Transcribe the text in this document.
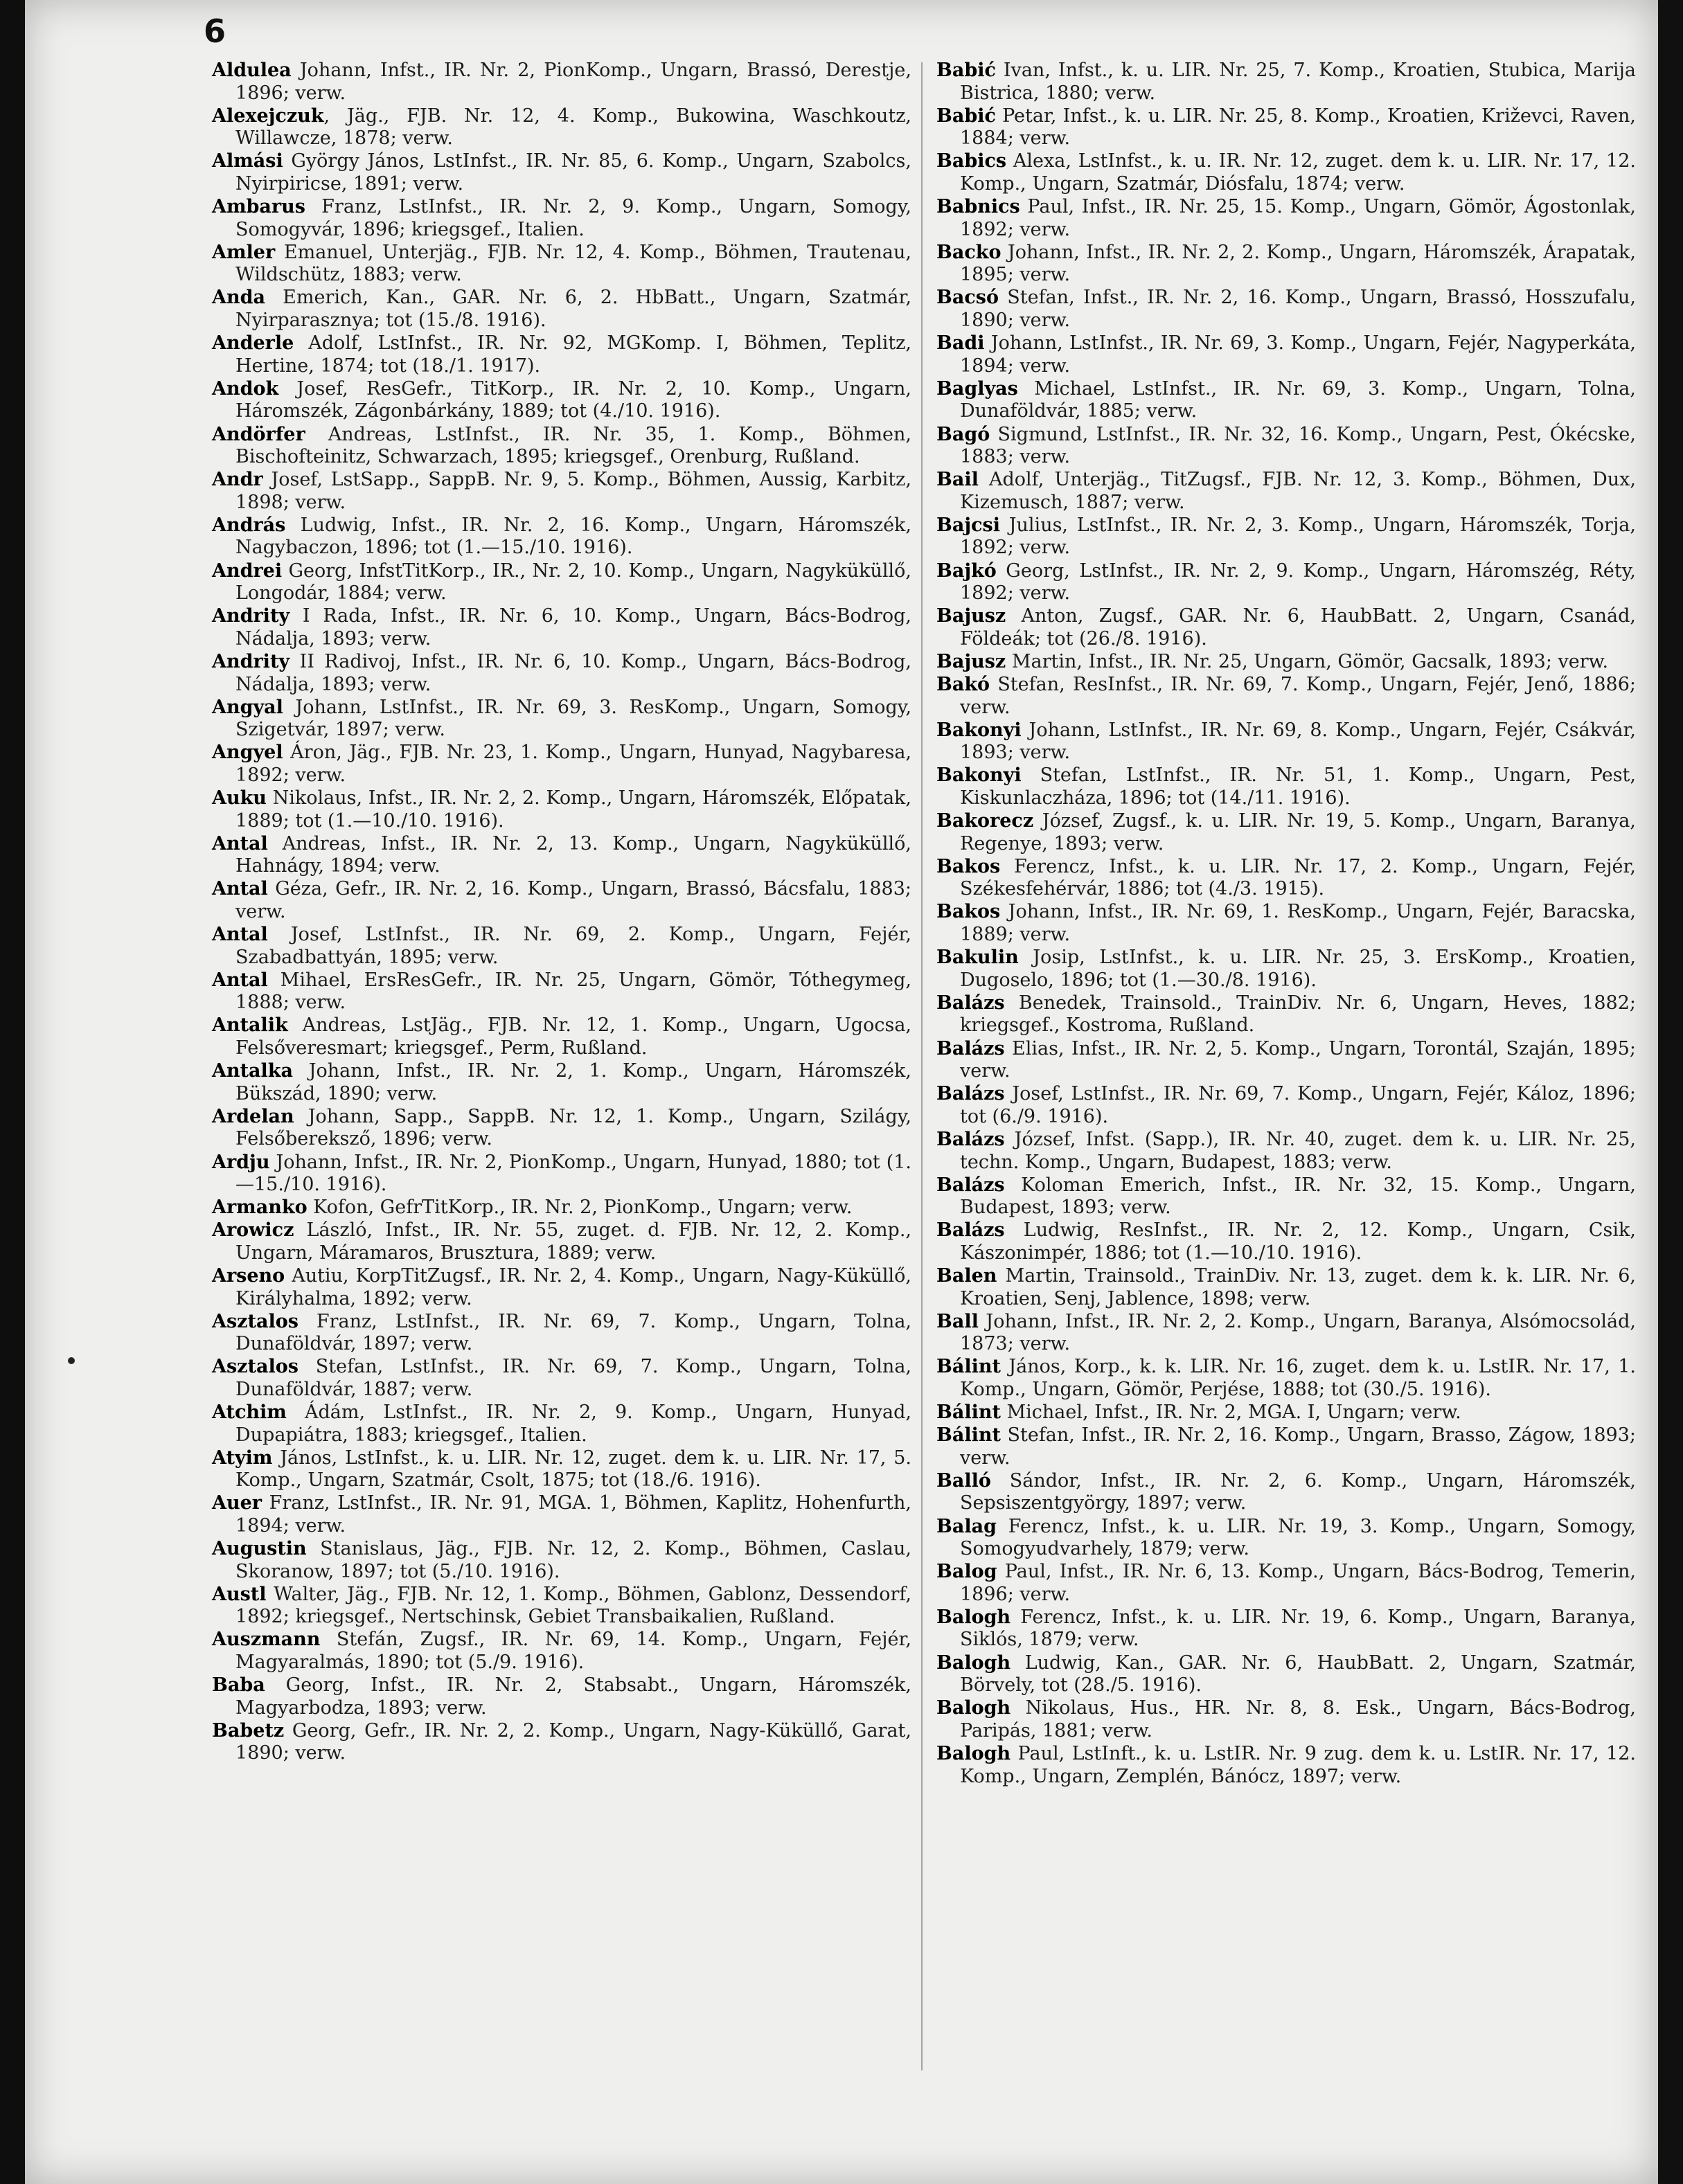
6

Aldulea Johann, Infst., IR. Nr. 2, PionKomp., Ungarn, Brassó, Derestje, 1896; verw.

Alexejczuk, Jäg., FJB. Nr. 12, 4. Komp., Bukowina, Waschkoutz, Willawcze, 1878; verw.

Almási György János, LstInfst., IR. Nr. 85, 6. Komp., Ungarn, Szabolcs, Nyirpiricse, 1891; verw.

Ambarus Franz, LstInfst., IR. Nr. 2, 9. Komp., Ungarn, Somogy, Somogyvár, 1896; kriegsgef., Italien.

Amler Emanuel, Unterjäg., FJB. Nr. 12, 4. Komp., Böhmen, Trautenau, Wildschütz, 1883; verw.

Anda Emerich, Kan., GAR. Nr. 6, 2. HbBatt., Ungarn, Szatmár, Nyirparasznya; tot (15./8. 1916).

Anderle Adolf, LstInfst., IR. Nr. 92, MGKomp. I, Böhmen, Teplitz, Hertine, 1874; tot (18./1. 1917).

Andok Josef, ResGefr., TitKorp., IR. Nr. 2, 10. Komp., Ungarn, Háromszék, Zágonbárkány, 1889; tot (4./10. 1916).

Andörfer Andreas, LstInfst., IR. Nr. 35, 1. Komp., Böhmen, Bischofteinitz, Schwarzach, 1895; kriegsgef., Orenburg, Rußland.

Andr Josef, LstSapp., SappB. Nr. 9, 5. Komp., Böhmen, Aussig, Karbitz, 1898; verw.

András Ludwig, Infst., IR. Nr. 2, 16. Komp., Ungarn, Háromszék, Nagybaczon, 1896; tot (1.—15./10. 1916).

Andrei Georg, InfstTitKorp., IR., Nr. 2, 10. Komp., Ungarn, Nagyküküllő, Longodár, 1884; verw.

Andrity I Rada, Infst., IR. Nr. 6, 10. Komp., Ungarn, Bács-Bodrog, Nádalja, 1893; verw.

Andrity II Radivoj, Infst., IR. Nr. 6, 10. Komp., Ungarn, Bács-Bodrog, Nádalja, 1893; verw.

Angyal Johann, LstInfst., IR. Nr. 69, 3. ResKomp., Ungarn, Somogy, Szigetvár, 1897; verw.

Angyel Áron, Jäg., FJB. Nr. 23, 1. Komp., Ungarn, Hunyad, Nagybaresa, 1892; verw.

Auku Nikolaus, Infst., IR. Nr. 2, 2. Komp., Ungarn, Háromszék, Előpatak, 1889; tot (1.—10./10. 1916).

Antal Andreas, Infst., IR. Nr. 2, 13. Komp., Ungarn, Nagyküküllő, Hahnágy, 1894; verw.

Antal Géza, Gefr., IR. Nr. 2, 16. Komp., Ungarn, Brassó, Bácsfalu, 1883; verw.

Antal Josef, LstInfst., IR. Nr. 69, 2. Komp., Ungarn, Fejér, Szabadbattyán, 1895; verw.

Antal Mihael, ErsResGefr., IR. Nr. 25, Ungarn, Gömör, Tóthegymeg, 1888; verw.

Antalik Andreas, LstJäg., FJB. Nr. 12, 1. Komp., Ungarn, Ugocsa, Felsőveresmart; kriegsgef., Perm, Rußland.

Antalka Johann, Infst., IR. Nr. 2, 1. Komp., Ungarn, Háromszék, Bükszád, 1890; verw.

Ardelan Johann, Sapp., SappB. Nr. 12, 1. Komp., Ungarn, Szilágy, Felsőbereksző, 1896; verw.

Ardju Johann, Infst., IR. Nr. 2, PionKomp., Ungarn, Hunyad, 1880; tot (1.—15./10. 1916).

Armanko Kofon, GefrTitKorp., IR. Nr. 2, PionKomp., Ungarn; verw.

Arowicz László, Infst., IR. Nr. 55, zuget. d. FJB. Nr. 12, 2. Komp., Ungarn, Máramaros, Bruszturа, 1889; verw.

Arseno Autiu, KorpTitZugsf., IR. Nr. 2, 4. Komp., Ungarn, Nagy-Küküllő, Királyhalma, 1892; verw.

Asztalos Franz, LstInfst., IR. Nr. 69, 7. Komp., Ungarn, Tolna, Dunaföldvár, 1897; verw.

Asztalos Stefan, LstInfst., IR. Nr. 69, 7. Komp., Ungarn, Tolna, Dunaföldvár, 1887; verw.

Atchim Ádám, LstInfst., IR. Nr. 2, 9. Komp., Ungarn, Hunyad, Dupapiátra, 1883; kriegsgef., Italien.

Atyim János, LstInfst., k. u. LIR. Nr. 12, zuget. dem k. u. LIR. Nr. 17, 5. Komp., Ungarn, Szatmár, Csolt, 1875; tot (18./6. 1916).

Auer Franz, LstInfst., IR. Nr. 91, MGA. 1, Böhmen, Kaplitz, Hohenfurth, 1894; verw.

Augustin Stanislaus, Jäg., FJB. Nr. 12, 2. Komp., Böhmen, Caslau, Skoranow, 1897; tot (5./10. 1916).

Austl Walter, Jäg., FJB. Nr. 12, 1. Komp., Böhmen, Gablonz, Dessendorf, 1892; kriegsgef., Nertschinsk, Gebiet Transbaikalien, Rußland.

Auszmann Stefán, Zugsf., IR. Nr. 69, 14. Komp., Ungarn, Fejér, Magyaralmás, 1890; tot (5./9. 1916).

Baba Georg, Infst., IR. Nr. 2, Stabsabt., Ungarn, Háromszék, Magyarbodza, 1893; verw.

Babetz Georg, Gefr., IR. Nr. 2, 2. Komp., Ungarn, Nagy-Küküllő, Garat, 1890; verw.

Babić Ivan, Infst., k. u. LIR. Nr. 25, 7. Komp., Kroatien, Stubica, Marija Bistrica, 1880; verw.

Babić Petar, Infst., k. u. LIR. Nr. 25, 8. Komp., Kroatien, Križevci, Raven, 1884; verw.

Babics Alexa, LstInfst., k. u. IR. Nr. 12, zuget. dem k. u. LIR. Nr. 17, 12. Komp., Ungarn, Szatmár, Diósfalu, 1874; verw.

Babnics Paul, Infst., IR. Nr. 25, 15. Komp., Ungarn, Gömör, Ágostonlak, 1892; verw.

Backo Johann, Infst., IR. Nr. 2, 2. Komp., Ungarn, Háromszék, Árapatak, 1895; verw.

Bacsó Stefan, Infst., IR. Nr. 2, 16. Komp., Ungarn, Brassó, Hosszufalu, 1890; verw.

Badi Johann, LstInfst., IR. Nr. 69, 3. Komp., Ungarn, Fejér, Nagyperkáta, 1894; verw.

Baglyas Michael, LstInfst., IR. Nr. 69, 3. Komp., Ungarn, Tolna, Dunaföldvár, 1885; verw.

Bagó Sigmund, LstInfst., IR. Nr. 32, 16. Komp., Ungarn, Pest, Ókécske, 1883; verw.

Bail Adolf, Unterjäg., TitZugsf., FJB. Nr. 12, 3. Komp., Böhmen, Dux, Kizemusch, 1887; verw.

Bajcsi Julius, LstInfst., IR. Nr. 2, 3. Komp., Ungarn, Háromszék, Torja, 1892; verw.

Bajkó Georg, LstInfst., IR. Nr. 2, 9. Komp., Ungarn, Háromszég, Réty, 1892; verw.

Bajusz Anton, Zugsf., GAR. Nr. 6, HaubBatt. 2, Ungarn, Csanád, Földeák; tot (26./8. 1916).

Bajusz Martin, Infst., IR. Nr. 25, Ungarn, Gömör, Gacsalk, 1893; verw.

Bakó Stefan, ResInfst., IR. Nr. 69, 7. Komp., Ungarn, Fejér, Jenő, 1886; verw.

Bakonyi Johann, LstInfst., IR. Nr. 69, 8. Komp., Ungarn, Fejér, Csákvár, 1893; verw.

Bakonyi Stefan, LstInfst., IR. Nr. 51, 1. Komp., Ungarn, Pest, Kiskunlaczháza, 1896; tot (14./11. 1916).

Bakorecz József, Zugsf., k. u. LIR. Nr. 19, 5. Komp., Ungarn, Baranya, Regenye, 1893; verw.

Bakos Ferencz, Infst., k. u. LIR. Nr. 17, 2. Komp., Ungarn, Fejér, Székesfehérvár, 1886; tot (4./3. 1915).

Bakos Johann, Infst., IR. Nr. 69, 1. ResKomp., Ungarn, Fejér, Baracska, 1889; verw.

Bakulin Josip, LstInfst., k. u. LIR. Nr. 25, 3. ErsKomp., Kroatien, Dugoselo, 1896; tot (1.—30./8. 1916).

Balázs Benedek, Trainsold., TrainDiv. Nr. 6, Ungarn, Heves, 1882; kriegsgef., Kostroma, Rußland.

Balázs Elias, Infst., IR. Nr. 2, 5. Komp., Ungarn, Torontál, Szaján, 1895; verw.

Balázs Josef, LstInfst., IR. Nr. 69, 7. Komp., Ungarn, Fejér, Káloz, 1896; tot (6./9. 1916).

Balázs József, Infst. (Sapp.), IR. Nr. 40, zuget. dem k. u. LIR. Nr. 25, techn. Komp., Ungarn, Budapest, 1883; verw.

Balázs Koloman Emerich, Infst., IR. Nr. 32, 15. Komp., Ungarn, Budapest, 1893; verw.

Balázs Ludwig, ResInfst., IR. Nr. 2, 12. Komp., Ungarn, Csik, Kászonimpér, 1886; tot (1.—10./10. 1916).

Balen Martin, Trainsold., TrainDiv. Nr. 13, zuget. dem k. k. LIR. Nr. 6, Kroatien, Senj, Jablence, 1898; verw.

Ball Johann, Infst., IR. Nr. 2, 2. Komp., Ungarn, Baranya, Alsómocsolád, 1873; verw.

Bálint János, Korp., k. k. LIR. Nr. 16, zuget. dem k. u. LstIR. Nr. 17, 1. Komp., Ungarn, Gömör, Perjése, 1888; tot (30./5. 1916).

Bálint Michael, Infst., IR. Nr. 2, MGA. I, Ungarn; verw.

Bálint Stefan, Infst., IR. Nr. 2, 16. Komp., Ungarn, Brasso, Zágow, 1893; verw.

Balló Sándor, Infst., IR. Nr. 2, 6. Komp., Ungarn, Háromszék, Sepsiszentgyörgy, 1897; verw.

Balag Ferencz, Infst., k. u. LIR. Nr. 19, 3. Komp., Ungarn, Somogy, Somogyudvarhely, 1879; verw.

Balog Paul, Infst., IR. Nr. 6, 13. Komp., Ungarn, Bács-Bodrog, Temerin, 1896; verw.

Balogh Ferencz, Infst., k. u. LIR. Nr. 19, 6. Komp., Ungarn, Baranya, Siklós, 1879; verw.

Balogh Ludwig, Kan., GAR. Nr. 6, HaubBatt. 2, Ungarn, Szatmár, Börvely, tot (28./5. 1916).

Balogh Nikolaus, Hus., HR. Nr. 8, 8. Esk., Ungarn, Bács-Bodrog, Paripás, 1881; verw.

Balogh Paul, LstInft., k. u. LstIR. Nr. 9 zug. dem k. u. LstIR. Nr. 17, 12. Komp., Ungarn, Zemplén, Bánócz, 1897; verw.
